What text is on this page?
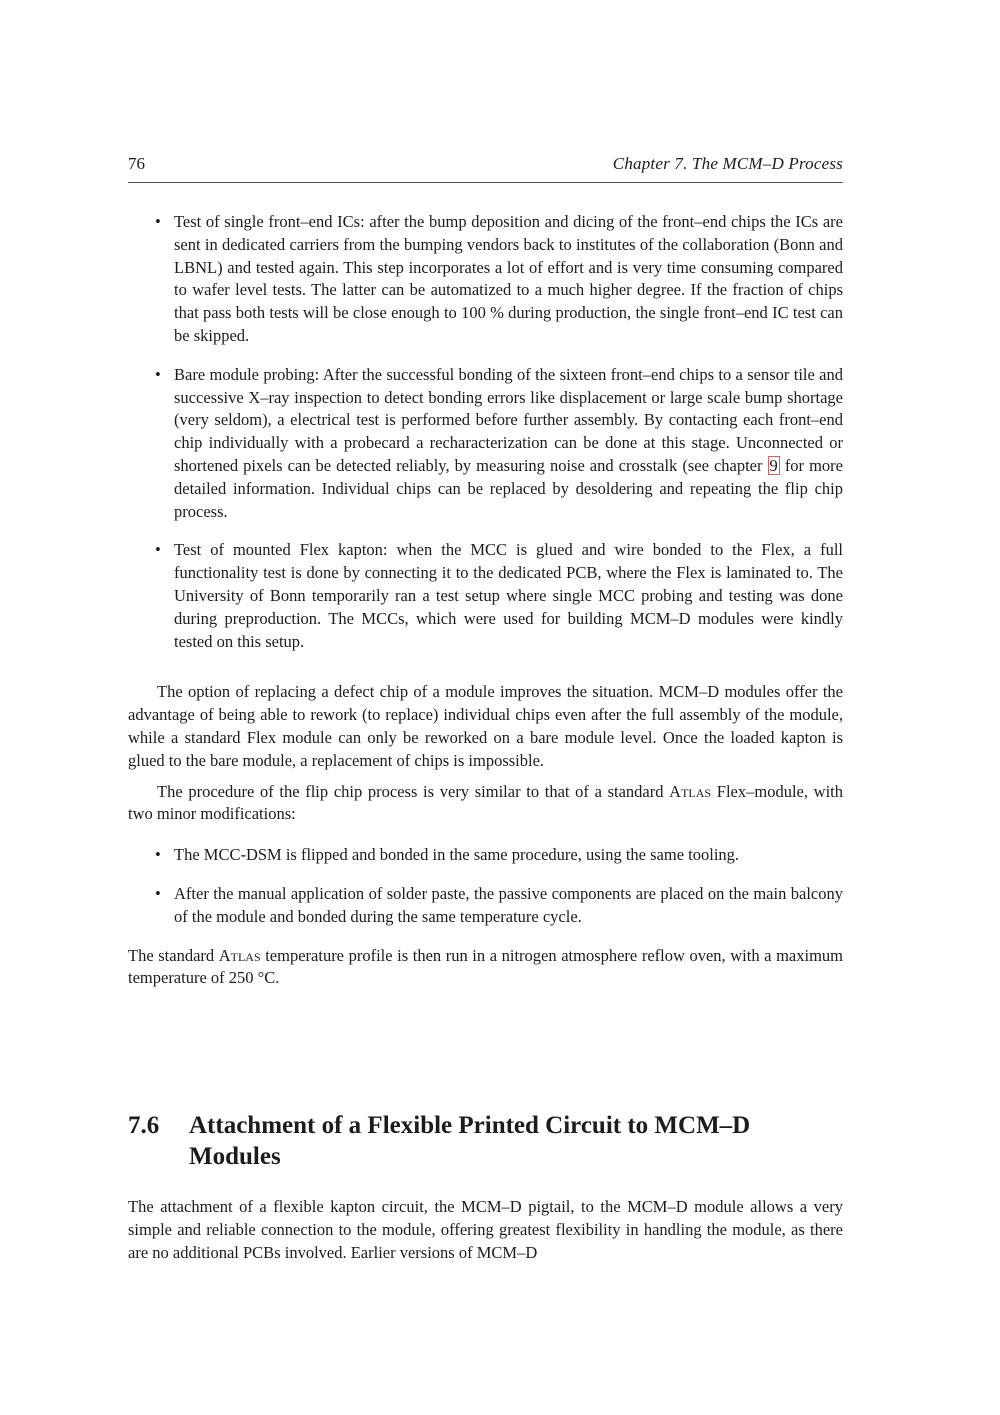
76	Chapter 7. The MCM–D Process
• Test of single front–end ICs: after the bump deposition and dicing of the front–end chips the ICs are sent in dedicated carriers from the bumping vendors back to institutes of the collaboration (Bonn and LBNL) and tested again. This step incorporates a lot of effort and is very time consuming compared to wafer level tests. The latter can be automatized to a much higher degree. If the fraction of chips that pass both tests will be close enough to 100 % during production, the single front–end IC test can be skipped.
• Bare module probing: After the successful bonding of the sixteen front–end chips to a sensor tile and successive X–ray inspection to detect bonding errors like displacement or large scale bump shortage (very seldom), a electrical test is performed before further assembly. By contacting each front–end chip individually with a probecard a recharacterization can be done at this stage. Unconnected or shortened pixels can be detected reliably, by measuring noise and crosstalk (see chapter 9 for more detailed information. Individual chips can be replaced by desoldering and repeating the flip chip process.
• Test of mounted Flex kapton: when the MCC is glued and wire bonded to the Flex, a full functionality test is done by connecting it to the dedicated PCB, where the Flex is laminated to. The University of Bonn temporarily ran a test setup where single MCC probing and testing was done during preproduction. The MCCs, which were used for building MCM–D modules were kindly tested on this setup.

The option of replacing a defect chip of a module improves the situation. MCM–D modules offer the advantage of being able to rework (to replace) individual chips even after the full assembly of the module, while a standard Flex module can only be reworked on a bare module level. Once the loaded kapton is glued to the bare module, a replacement of chips is impossible.

The procedure of the flip chip process is very similar to that of a standard Atlas Flex–module, with two minor modifications:

• The MCC-DSM is flipped and bonded in the same procedure, using the same tooling.
• After the manual application of solder paste, the passive components are placed on the main balcony of the module and bonded during the same temperature cycle.

The standard Atlas temperature profile is then run in a nitrogen atmosphere reflow oven, with a maximum temperature of 250 °C.

7.6 Attachment of a Flexible Printed Circuit to MCM–D Modules

The attachment of a flexible kapton circuit, the MCM–D pigtail, to the MCM–D module allows a very simple and reliable connection to the module, offering greatest flexibility in handling the module, as there are no additional PCBs involved. Earlier versions of MCM–D
